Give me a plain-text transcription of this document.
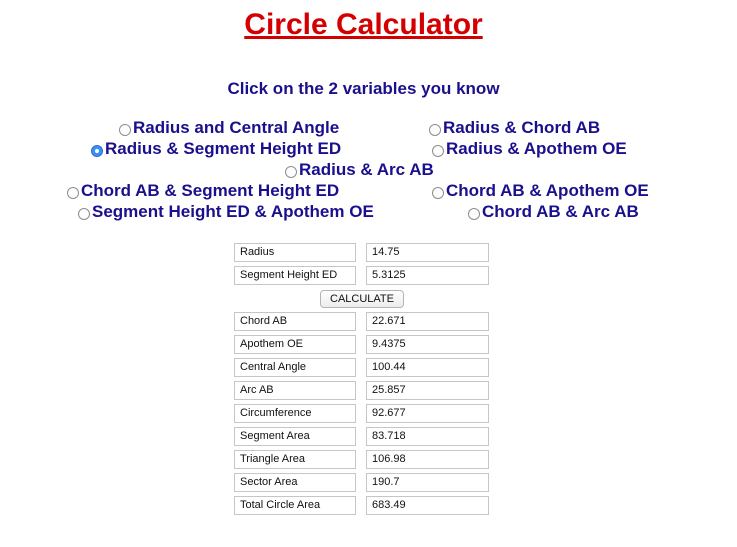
Circle Calculator
Click on the 2 variables you know
Radius and Central Angle	Radius & Chord AB
Radius & Segment Height ED	Radius & Apothem OE
Radius & Arc AB
Chord AB & Segment Height ED	Chord AB & Apothem OE
Segment Height ED & Apothem OE	Chord AB & Arc AB
Radius	14.75
Segment Height ED	5.3125
CALCULATE
Chord AB	22.671
Apothem OE	9.4375
Central Angle	100.44
Arc AB	25.857
Circumference	92.677
Segment Area	83.718
Triangle Area	106.98
Sector Area	190.7
Total Circle Area	683.49
